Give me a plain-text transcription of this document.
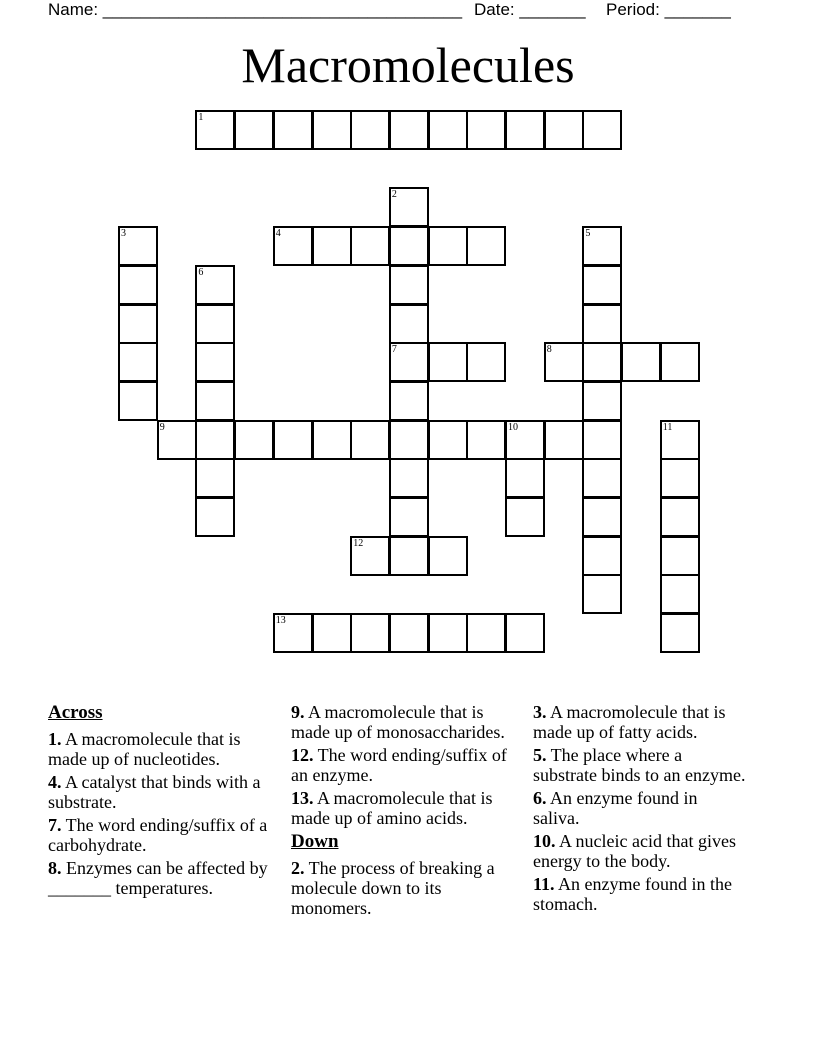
Name: ______________________________________ Date: _______ Period: _______
Macromolecules
1
2
7
3	4	5
6
8
9	10	11
12
13
Across
1. A macromolecule that is made up of nucleotides.
4. A catalyst that binds with a substrate.
7. The word ending/suffix of a carbohydrate.
8. Enzymes can be affected by _______ temperatures.
9. A macromolecule that is made up of monosaccharides.
12. The word ending/suffix of an enzyme.
13. A macromolecule that is made up of amino acids.
Down
2. The process of breaking a molecule down to its monomers.
3. A macromolecule that is made up of fatty acids.
5. The place where a substrate binds to an enzyme.
6. An enzyme found in saliva.
10. A nucleic acid that gives energy to the body.
11. An enzyme found in the stomach.
